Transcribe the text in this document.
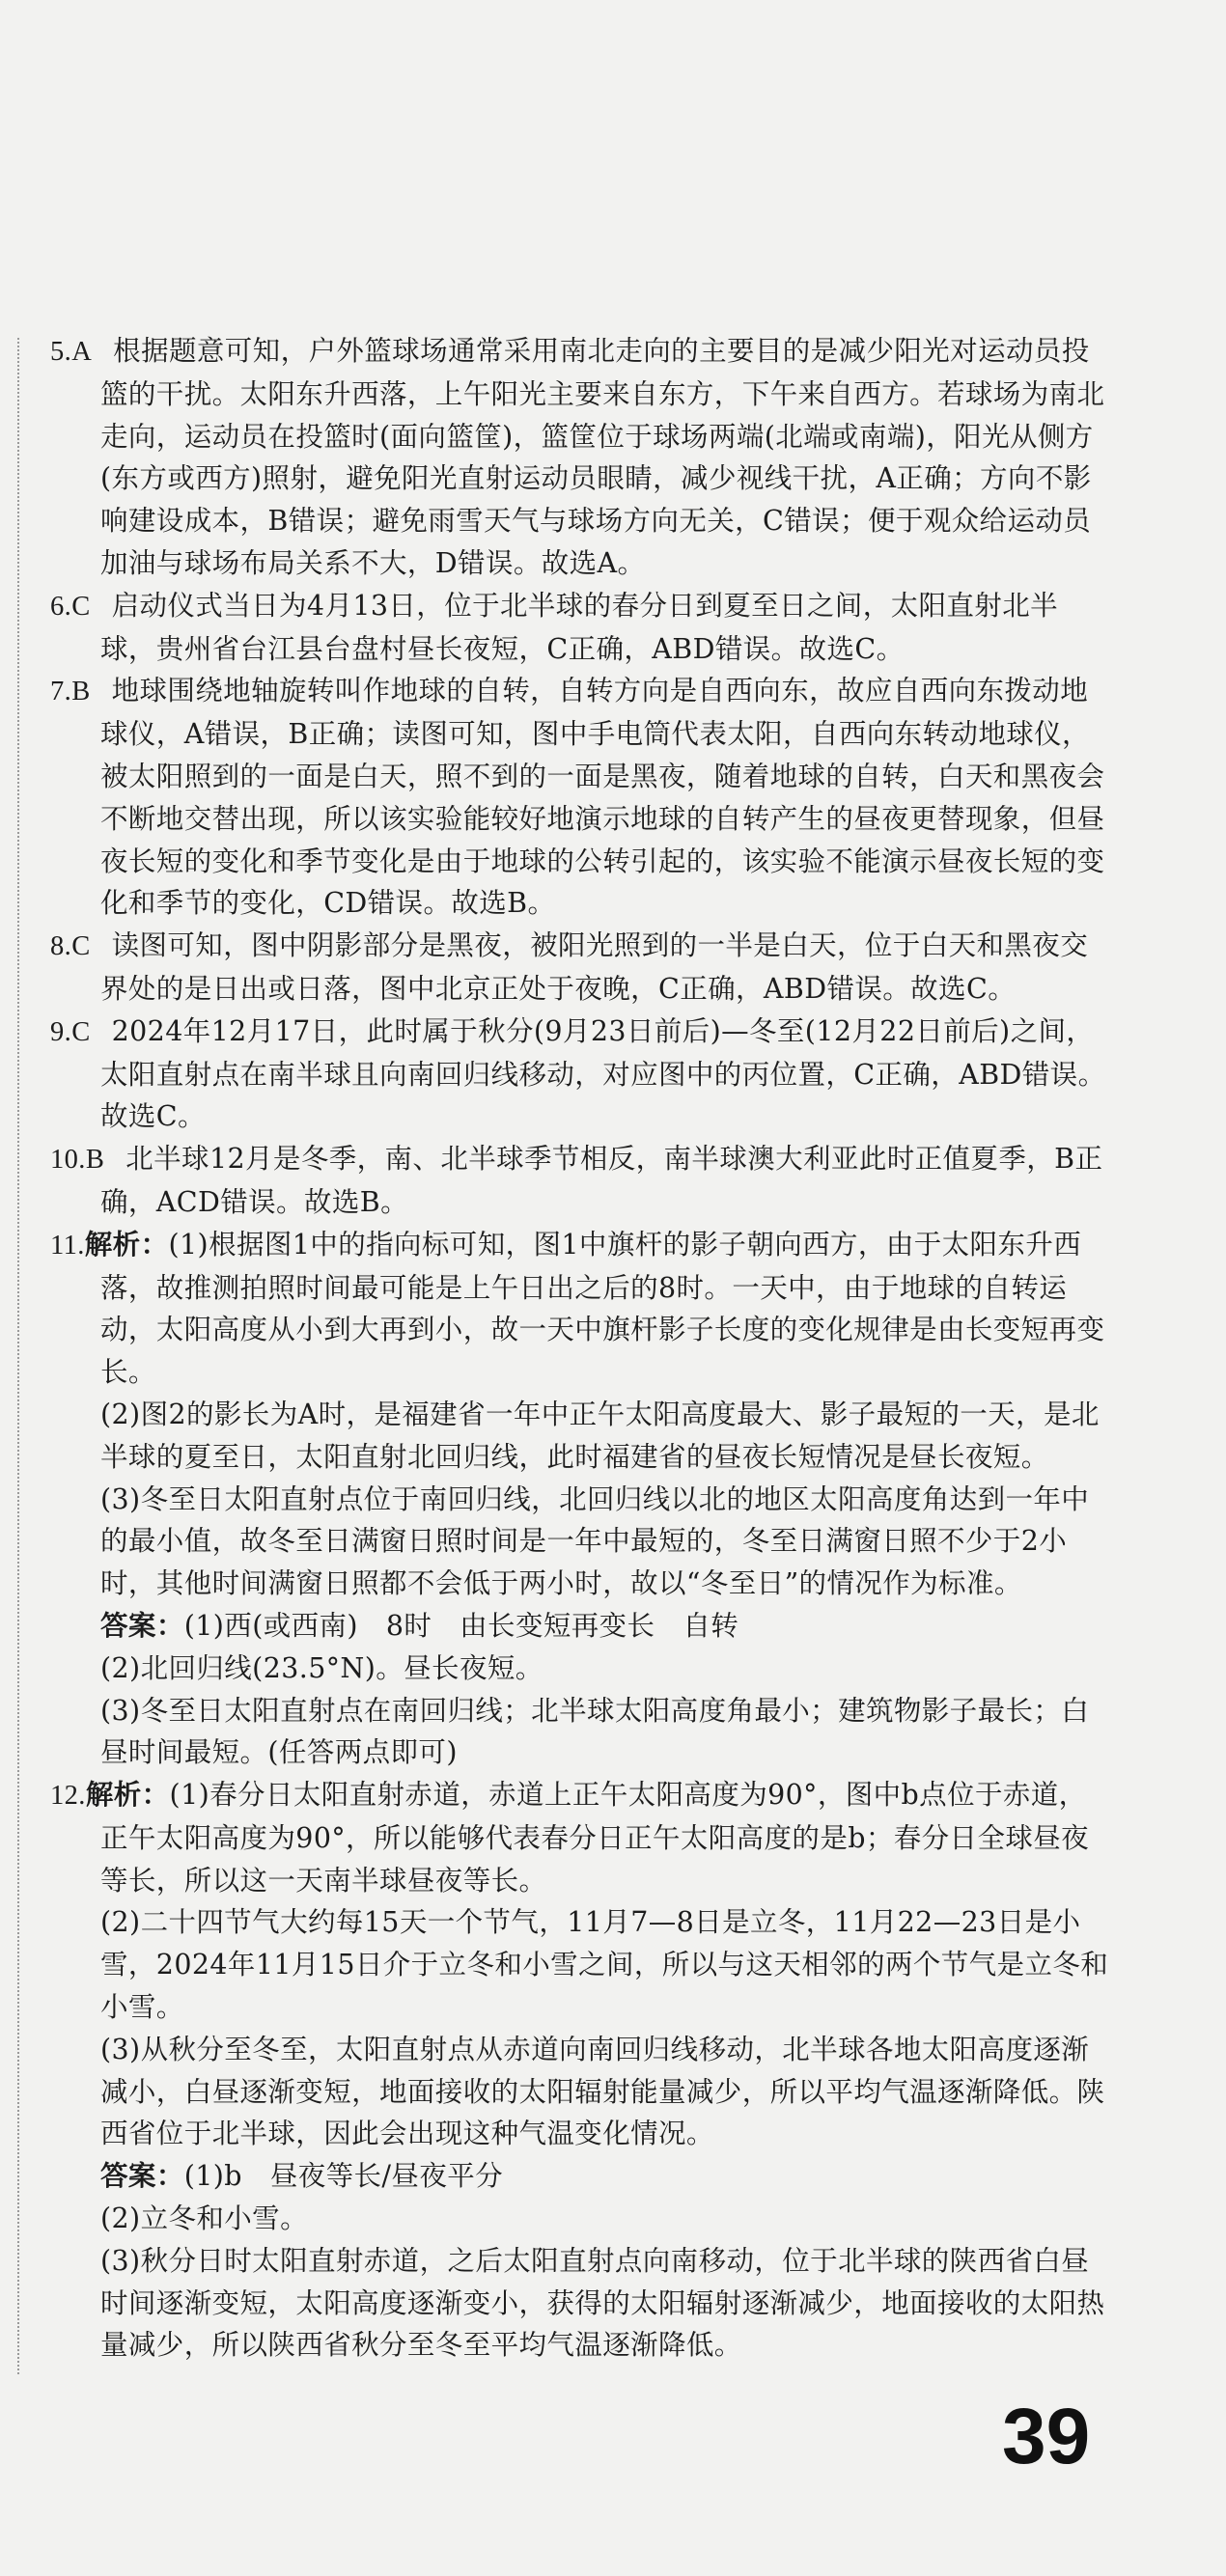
5.A 根据题意可知，户外篮球场通常采用南北走向的主要目的是减少阳光对运动员投篮的干扰。太阳东升西落，上午阳光主要来自东方，下午来自西方。若球场为南北走向，运动员在投篮时(面向篮筐)，篮筐位于球场两端(北端或南端)，阳光从侧方(东方或西方)照射，避免阳光直射运动员眼睛，减少视线干扰，A正确；方向不影响建设成本，B错误；避免雨雪天气与球场方向无关，C错误；便于观众给运动员加油与球场布局关系不大，D错误。故选A。

6.C 启动仪式当日为4月13日，位于北半球的春分日到夏至日之间，太阳直射北半球，贵州省台江县台盘村昼长夜短，C正确，ABD错误。故选C。

7.B 地球围绕地轴旋转叫作地球的自转，自转方向是自西向东，故应自西向东拨动地球仪，A错误，B正确；读图可知，图中手电筒代表太阳，自西向东转动地球仪，被太阳照到的一面是白天，照不到的一面是黑夜，随着地球的自转，白天和黑夜会不断地交替出现，所以该实验能较好地演示地球的自转产生的昼夜更替现象，但昼夜长短的变化和季节变化是由于地球的公转引起的，该实验不能演示昼夜长短的变化和季节的变化，CD错误。故选B。

8.C 读图可知，图中阴影部分是黑夜，被阳光照到的一半是白天，位于白天和黑夜交界处的是日出或日落，图中北京正处于夜晚，C正确，ABD错误。故选C。

9.C 2024年12月17日，此时属于秋分(9月23日前后)—冬至(12月22日前后)之间，太阳直射点在南半球且向南回归线移动，对应图中的丙位置，C正确，ABD错误。故选C。

10.B 北半球12月是冬季，南、北半球季节相反，南半球澳大利亚此时正值夏季，B正确，ACD错误。故选B。

11.解析：(1)根据图1中的指向标可知，图1中旗杆的影子朝向西方，由于太阳东升西落，故推测拍照时间最可能是上午日出之后的8时。一天中，由于地球的自转运动，太阳高度从小到大再到小，故一天中旗杆影子长度的变化规律是由长变短再变长。

(2)图2的影长为A时，是福建省一年中正午太阳高度最大、影子最短的一天，是北半球的夏至日，太阳直射北回归线，此时福建省的昼夜长短情况是昼长夜短。

(3)冬至日太阳直射点位于南回归线，北回归线以北的地区太阳高度角达到一年中的最小值，故冬至日满窗日照时间是一年中最短的，冬至日满窗日照不少于2小时，其他时间满窗日照都不会低于两小时，故以“冬至日”的情况作为标准。

答案：(1)西(或西南)　8时　由长变短再变长　自转

(2)北回归线(23.5°N)。昼长夜短。

(3)冬至日太阳直射点在南回归线；北半球太阳高度角最小；建筑物影子最长；白昼时间最短。(任答两点即可)

12.解析：(1)春分日太阳直射赤道，赤道上正午太阳高度为90°，图中b点位于赤道，正午太阳高度为90°，所以能够代表春分日正午太阳高度的是b；春分日全球昼夜等长，所以这一天南半球昼夜等长。

(2)二十四节气大约每15天一个节气，11月7—8日是立冬，11月22—23日是小雪，2024年11月15日介于立冬和小雪之间，所以与这天相邻的两个节气是立冬和小雪。

(3)从秋分至冬至，太阳直射点从赤道向南回归线移动，北半球各地太阳高度逐渐减小，白昼逐渐变短，地面接收的太阳辐射能量减少，所以平均气温逐渐降低。陕西省位于北半球，因此会出现这种气温变化情况。

答案：(1)b　昼夜等长/昼夜平分

(2)立冬和小雪。

(3)秋分日时太阳直射赤道，之后太阳直射点向南移动，位于北半球的陕西省白昼时间逐渐变短，太阳高度逐渐变小，获得的太阳辐射逐渐减少，地面接收的太阳热量减少，所以陕西省秋分至冬至平均气温逐渐降低。

39
